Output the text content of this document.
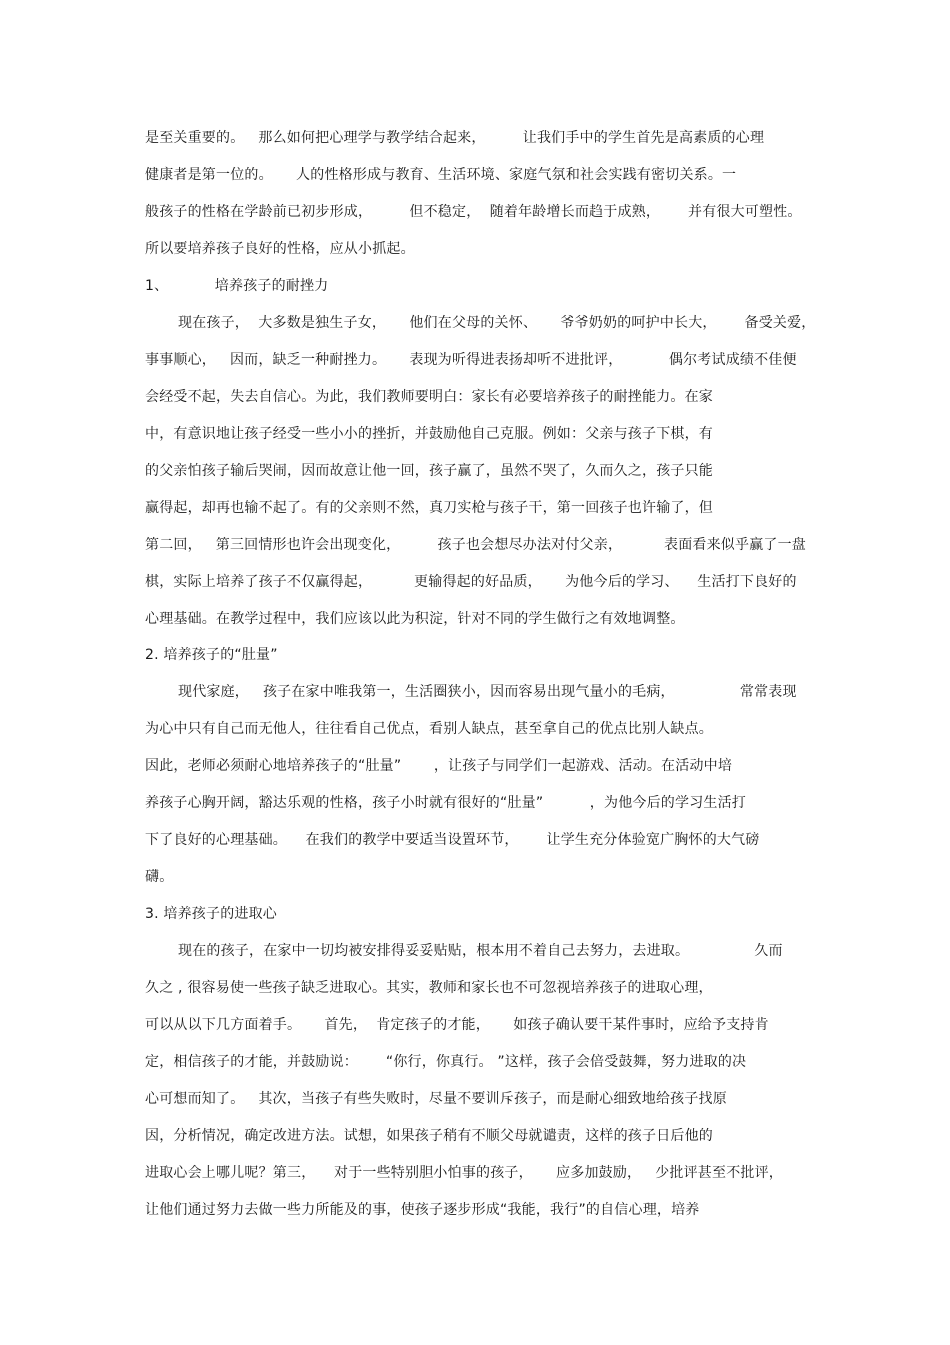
是至关重要的。   那么如何把心理学与教学结合起来，        让我们手中的学生首先是高素质的心理
健康者是第一位的。     人的性格形成与教育、生活环境、家庭气氛和社会实践有密切关系。一
般孩子的性格在学龄前已初步形成，        但不稳定，  随着年龄增长而趋于成熟，      并有很大可塑性。
所以要培养孩子良好的性格，应从小抓起。
1、          培养孩子的耐挫力
现在孩子，  大多数是独生子女，     他们在父母的关怀、     爷爷奶奶的呵护中长大，      备受关爱，
事事顺心，   因而，缺乏一种耐挫力。     表现为听得进表扬却听不进批评，          偶尔考试成绩不佳便
会经受不起，失去自信心。为此，我们教师要明白：家长有必要培养孩子的耐挫能力。在家
中，有意识地让孩子经受一些小小的挫折，并鼓励他自己克服。例如：父亲与孩子下棋，有
的父亲怕孩子输后哭闹，因而故意让他一回，孩子赢了，虽然不哭了，久而久之，孩子只能
赢得起，却再也输不起了。有的父亲则不然，真刀实枪与孩子干，第一回孩子也许输了，但
第二回，   第三回情形也许会出现变化，        孩子也会想尽办法对付父亲，         表面看来似乎赢了一盘
棋，实际上培养了孩子不仅赢得起，         更输得起的好品质，     为他今后的学习、    生活打下良好的
心理基础。在教学过程中，我们应该以此为积淀，针对不同的学生做行之有效地调整。
2. 培养孩子的“肚量”
现代家庭，   孩子在家中唯我第一，生活圈狭小，因而容易出现气量小的毛病，              常常表现
为心中只有自己而无他人，往往看自己优点，看别人缺点，甚至拿自己的优点比别人缺点。
因此，老师必须耐心地培养孩子的“肚量”       ，让孩子与同学们一起游戏、活动。在活动中培
养孩子心胸开阔，豁达乐观的性格，孩子小时就有很好的“肚量”          ，为他今后的学习生活打
下了良好的心理基础。    在我们的教学中要适当设置环节，      让学生充分体验宽广胸怀的大气磅
礴。
3. 培养孩子的进取心
现在的孩子，在家中一切均被安排得妥妥贴贴，根本用不着自己去努力，去进取。              久而
久之 , 很容易使一些孩子缺乏进取心。其实，教师和家长也不可忽视培养孩子的进取心理，
可以从以下几方面着手。     首先，  肯定孩子的才能，     如孩子确认要干某件事时，应给予支持肯
定，相信孩子的才能，并鼓励说：      “你行，你真行。 ”这样，孩子会倍受鼓舞，努力进取的决
心可想而知了。   其次，当孩子有些失败时，尽量不要训斥孩子，而是耐心细致地给孩子找原
因，分析情况，确定改进方法。试想，如果孩子稍有不顺父母就谴责，这样的孩子日后他的
进取心会上哪儿呢？第三，    对于一些特别胆小怕事的孩子，     应多加鼓励，   少批评甚至不批评，
让他们通过努力去做一些力所能及的事，使孩子逐步形成“我能，我行”的自信心理，培养
